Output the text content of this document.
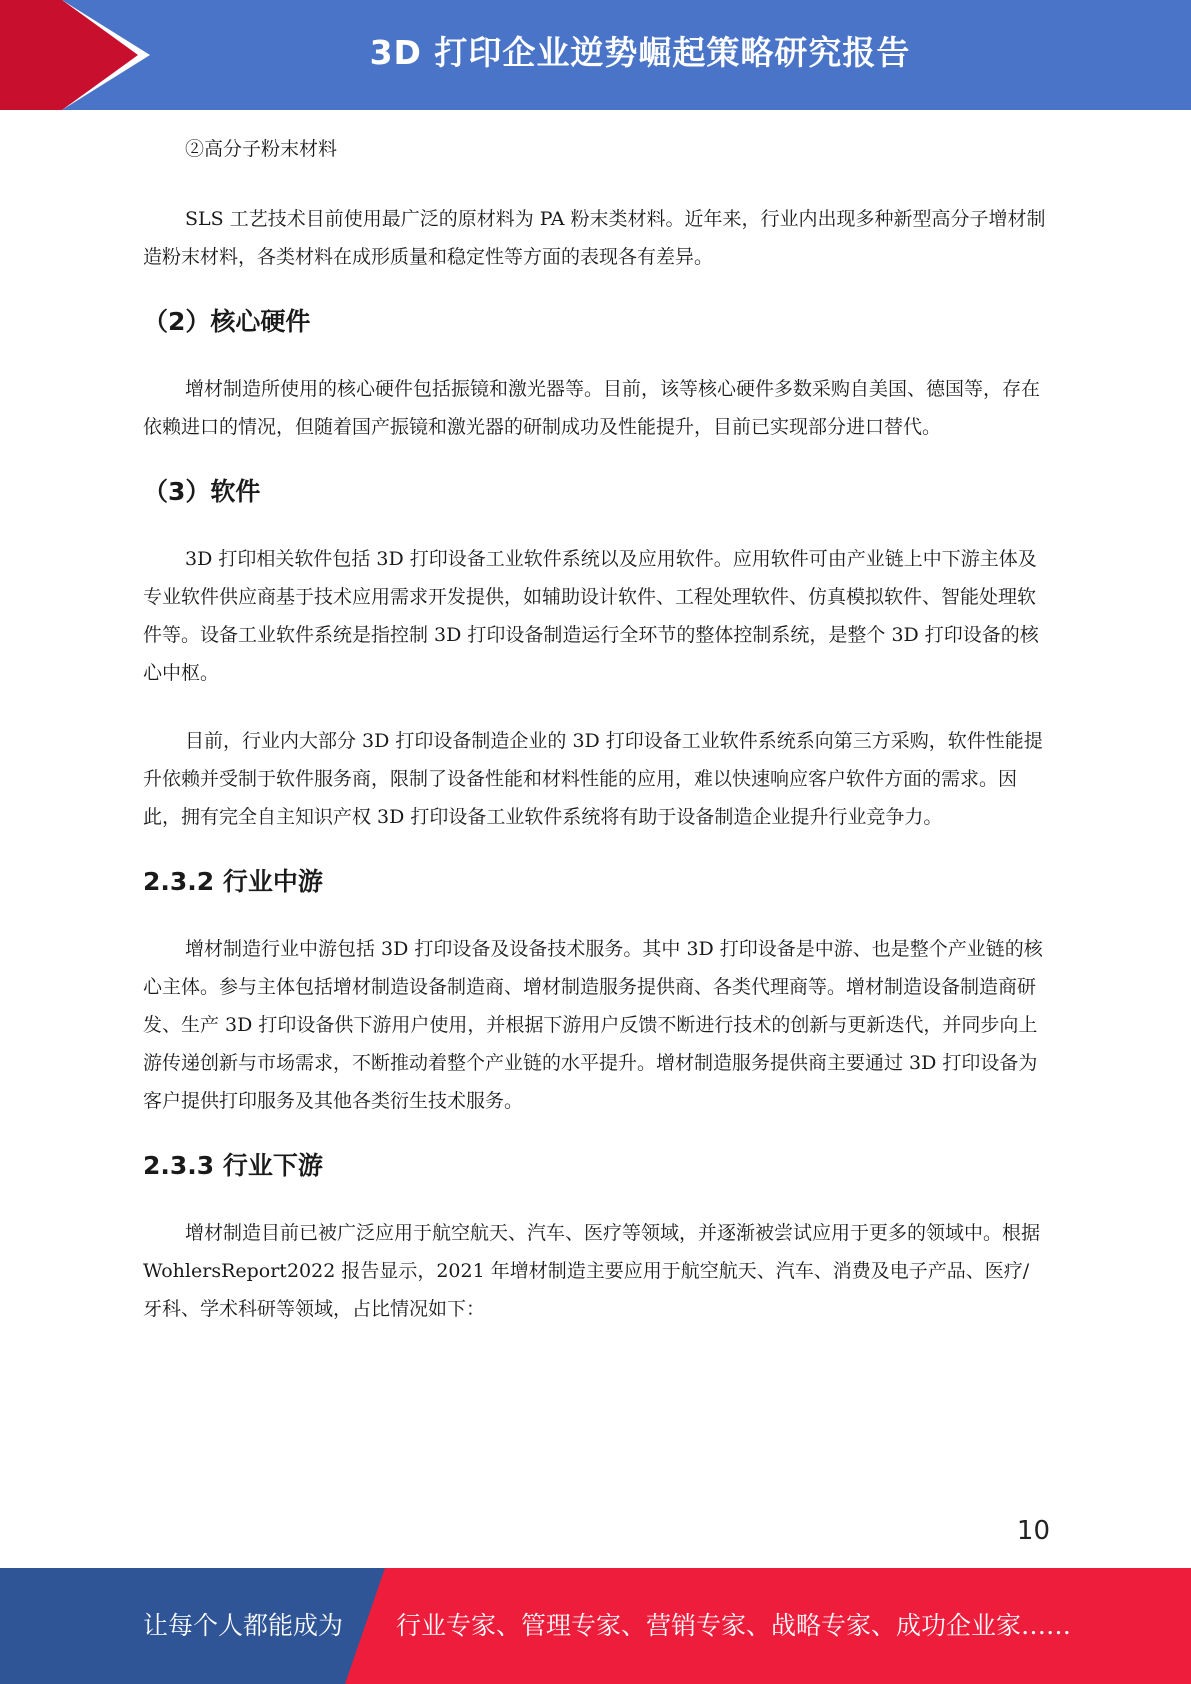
3D 打印企业逆势崛起策略研究报告

②高分子粉末材料

SLS 工艺技术目前使用最广泛的原材料为 PA 粉末类材料。近年来，行业内出现多种新型高分子增材制造粉末材料，各类材料在成形质量和稳定性等方面的表现各有差异。

（2）核心硬件

增材制造所使用的核心硬件包括振镜和激光器等。目前，该等核心硬件多数采购自美国、德国等，存在依赖进口的情况，但随着国产振镜和激光器的研制成功及性能提升，目前已实现部分进口替代。

（3）软件

3D 打印相关软件包括 3D 打印设备工业软件系统以及应用软件。应用软件可由产业链上中下游主体及专业软件供应商基于技术应用需求开发提供，如辅助设计软件、工程处理软件、仿真模拟软件、智能处理软件等。设备工业软件系统是指控制 3D 打印设备制造运行全环节的整体控制系统，是整个 3D 打印设备的核心中枢。

目前，行业内大部分 3D 打印设备制造企业的 3D 打印设备工业软件系统系向第三方采购，软件性能提升依赖并受制于软件服务商，限制了设备性能和材料性能的应用，难以快速响应客户软件方面的需求。因此，拥有完全自主知识产权 3D 打印设备工业软件系统将有助于设备制造企业提升行业竞争力。

2.3.2 行业中游

增材制造行业中游包括 3D 打印设备及设备技术服务。其中 3D 打印设备是中游、也是整个产业链的核心主体。参与主体包括增材制造设备制造商、增材制造服务提供商、各类代理商等。增材制造设备制造商研发、生产 3D 打印设备供下游用户使用，并根据下游用户反馈不断进行技术的创新与更新迭代，并同步向上游传递创新与市场需求，不断推动着整个产业链的水平提升。增材制造服务提供商主要通过 3D 打印设备为客户提供打印服务及其他各类衍生技术服务。

2.3.3 行业下游

增材制造目前已被广泛应用于航空航天、汽车、医疗等领域，并逐渐被尝试应用于更多的领域中。根据 WohlersReport2022 报告显示，2021 年增材制造主要应用于航空航天、汽车、消费及电子产品、医疗/牙科、学术科研等领域，占比情况如下：

10
让每个人都能成为 行业专家、管理专家、营销专家、战略专家、成功企业家……
